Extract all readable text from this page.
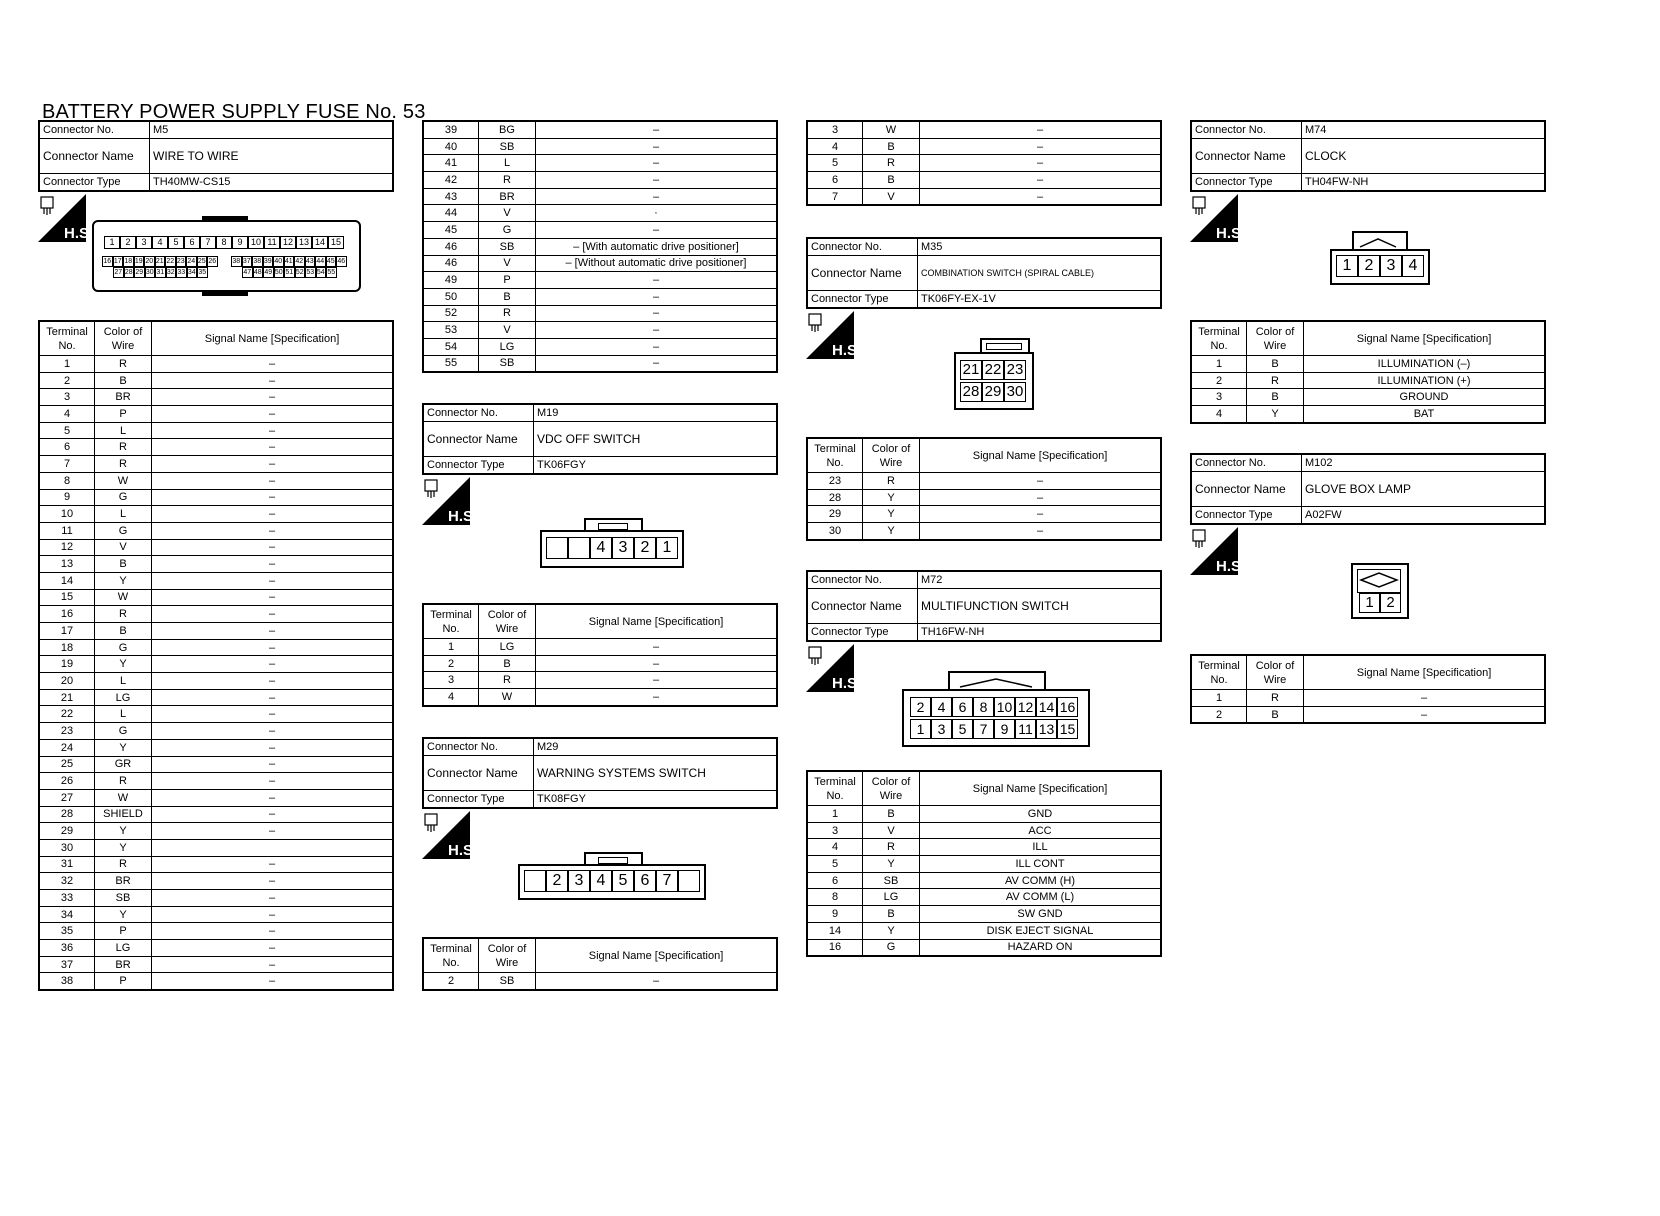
BATTERY POWER SUPPLY FUSE No. 53
Connector No.	M5
Connector Name	WIRE TO WIRE
Connector Type	TH40MW-CS15
H.S.	1	2	3	4	5	6	7	8	9 10 11 12 13 14 15
16 17 18 19 20 21 22 23 24 25 26 38 37 38 39 40 41 42 43 44 45 46
27 28 29 30 31 32 33 34 35	47 48 49 50 51 52 53 54 55
Terminal No.	Color of Wire	Signal Name [Specification]
1	R	–
2	B	–
3	BR	–
4	P	–
5	L	–
6	R	–
7	R	–
8	W	–
9	G	–
10	L	–
11	G	–
12	V	–
13	B	–
14	Y	–
15	W	–
16	R	–
17	B	–
18	G	–
19	Y	–
20	L	–
21	LG	–
22	L	–
23	G	–
24	Y	–
25	GR	–
26	R	–
27	W	–
28	SHIELD	–
29	Y	–
30	Y	
31	R	–
32	BR	–
33	SB	–
34	Y	–
35	P	–
36	LG	–
37	BR	–
38	P	–
39	BG	–
40	SB	–
41	L	–
42	R	–
43	BR	–
44	V	·
45	G	–
46	SB	– [With automatic drive positioner]
46	V	– [Without automatic drive positioner]
49	P	–
50	B	–
52	R	–
53	V	–
54	LG	–
55	SB	–
Connector No.	M19
Connector Name	VDC OFF SWITCH
Connector Type	TK06FGY
H.S.
4 3 2 1
Terminal No.	Color of Wire	Signal Name [Specification]
1	LG	–
2	B	–
3	R	–
4	W	–
Connector No.	M29
Connector Name	WARNING SYSTEMS SWITCH
Connector Type	TK08FGY
H.S.
2 3 4 5 6 7
Terminal No.	Color of Wire	Signal Name [Specification]
2	SB	–
3	W	–
4	B	–
5	R	–
6	B	–
7	V	–
Connector No.	M35
Connector Name	COMBINATION SWITCH (SPIRAL CABLE)
Connector Type	TK06FY-EX-1V
H.S.
21 22 23
28 29 30
Terminal No.	Color of Wire	Signal Name [Specification]
23	R	–
28	Y	–
29	Y	–
30	Y	–
Connector No.	M72
Connector Name	MULTIFUNCTION SWITCH
Connector Type	TH16FW-NH
H.S.
2 4 6 8 10 12 14 16
1 3 5 7 9 11 13 15
Terminal No.	Color of Wire	Signal Name [Specification]
1	B	GND
3	V	ACC
4	R	ILL
5	Y	ILL CONT
6	SB	AV COMM (H)
8	LG	AV COMM (L)
9	B	SW GND
14	Y	DISK EJECT SIGNAL
16	G	HAZARD ON
Connector No.	M74
Connector Name	CLOCK
Connector Type	TH04FW-NH
H.S.
1 2 3 4
Terminal No.	Color of Wire	Signal Name [Specification]
1	B	ILLUMINATION (–)
2	R	ILLUMINATION (+)
3	B	GROUND
4	Y	BAT
Connector No.	M102
Connector Name	GLOVE BOX LAMP
Connector Type	A02FW
H.S.
1 2
Terminal No.	Color of Wire	Signal Name [Specification]
1	R	–
2	B	–
